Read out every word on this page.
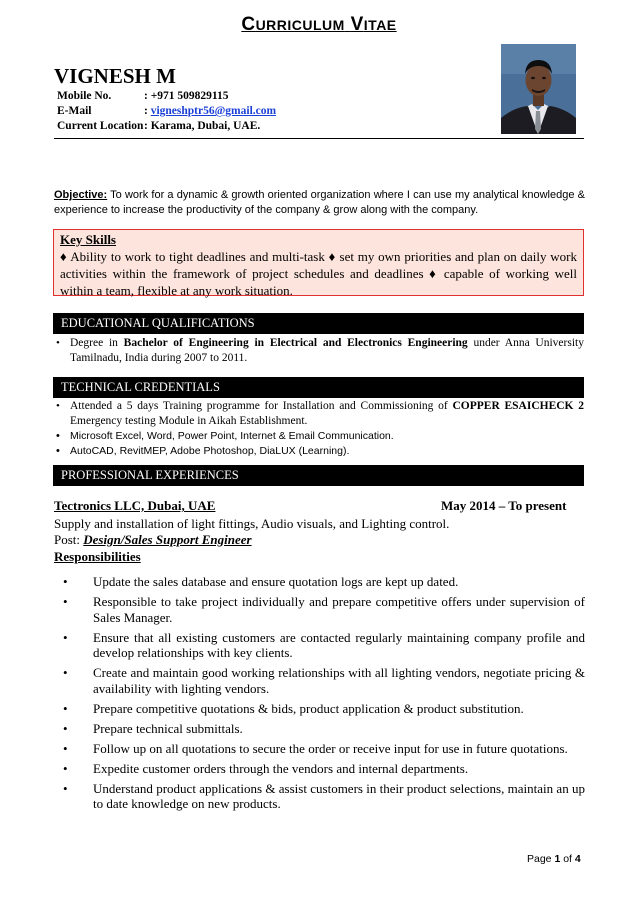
CURRICULUM VITAE
VIGNESH M
Mobile No.	: +971 509829115
E-Mail	: vigneshptr56@gmail.com
Current Location: Karama, Dubai, UAE.
Objective: To work for a dynamic & growth oriented organization where I can use my analytical knowledge & experience to increase the productivity of the company & grow along with the company.
Key Skills
♦ Ability to work to tight deadlines and multi-task ♦ set my own priorities and plan on daily work activities within the framework of project schedules and deadlines ♦ capable of working well within a team, flexible at any work situation.
EDUCATIONAL QUALIFICATIONS
• Degree in Bachelor of Engineering in Electrical and Electronics Engineering under Anna University Tamilnadu, India during 2007 to 2011.
TECHNICAL CREDENTIALS
• Attended a 5 days Training programme for Installation and Commissioning of COPPER ESAICHECK 2 Emergency testing Module in Aikah Establishment.
• Microsoft Excel, Word, Power Point, Internet & Email Communication.
• AutoCAD, RevitMEP, Adobe Photoshop, DiaLUX (Learning).
PROFESSIONAL EXPERIENCES
Tectronics LLC, Dubai, UAE	May 2014 – To present
Supply and installation of light fittings, Audio visuals, and Lighting control.
Post: Design/Sales Support Engineer
Responsibilities
• Update the sales database and ensure quotation logs are kept up dated.
• Responsible to take project individually and prepare competitive offers under supervision of Sales Manager.
• Ensure that all existing customers are contacted regularly maintaining company profile and develop relationships with key clients.
• Create and maintain good working relationships with all lighting vendors, negotiate pricing & availability with lighting vendors.
• Prepare competitive quotations & bids, product application & product substitution.
• Prepare technical submittals.
• Follow up on all quotations to secure the order or receive input for use in future quotations.
• Expedite customer orders through the vendors and internal departments.
• Understand product applications & assist customers in their product selections, maintain an up to date knowledge on new products.
Page 1 of 4
